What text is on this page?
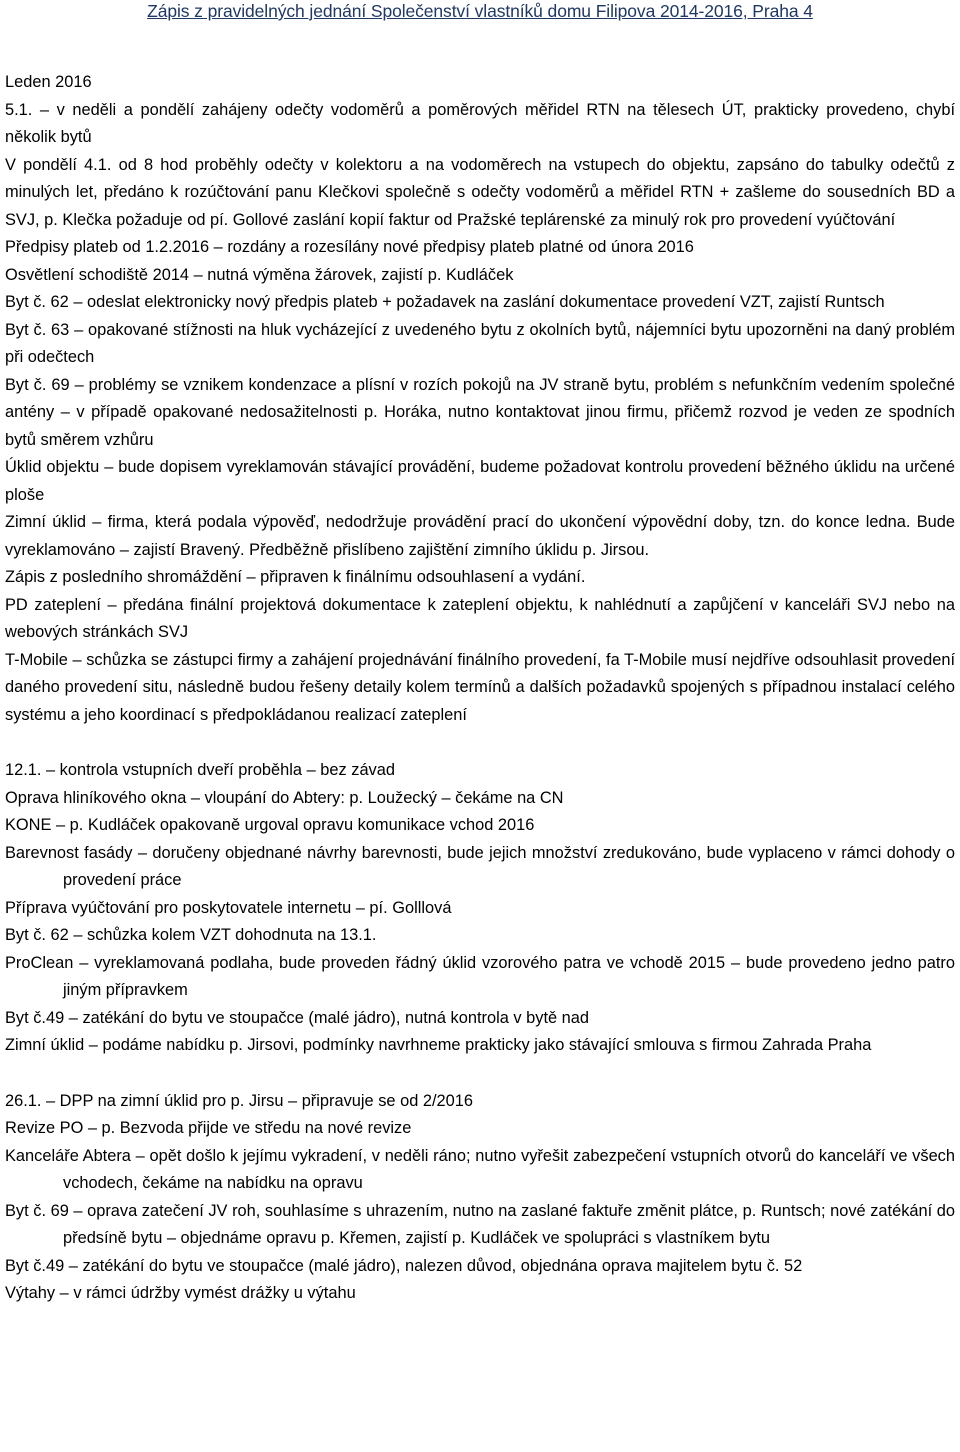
Zápis z pravidelných jednání Společenství vlastníků domu Filipova 2014-2016, Praha 4

Leden 2016

5.1. – v neděli a pondělí zahájeny odečty vodoměrů a poměrových měřidel RTN na tělesech ÚT, prakticky provedeno, chybí několik bytů

V pondělí 4.1. od 8 hod proběhly odečty v kolektoru a na vodoměrech na vstupech do objektu, zapsáno do tabulky odečtů z minulých let, předáno k rozúčtování panu Klečkovi společně s odečty vodoměrů a měřidel RTN + zašleme do sousedních BD a SVJ, p. Klečka požaduje od pí. Gollové zaslání kopií faktur od Pražské teplárenské za minulý rok pro provedení vyúčtování

Předpisy plateb od 1.2.2016 – rozdány a rozesílány nové předpisy plateb platné od února 2016

Osvětlení schodiště 2014 – nutná výměna žárovek, zajistí p. Kudláček

Byt č. 62 – odeslat elektronicky nový předpis plateb + požadavek na zaslání dokumentace provedení VZT, zajistí Runtsch

Byt č. 63 – opakované stížnosti na hluk vycházející z uvedeného bytu z okolních bytů, nájemníci bytu upozorněni na daný problém při odečtech

Byt č. 69 – problémy se vznikem kondenzace a plísní v rozích pokojů na JV straně bytu, problém s nefunkčním vedením společné antény – v případě opakované nedosažitelnosti p. Horáka, nutno kontaktovat jinou firmu, přičemž rozvod je veden ze spodních bytů směrem vzhůru

Úklid objektu – bude dopisem vyreklamován stávající provádění, budeme požadovat kontrolu provedení běžného úklidu na určené ploše

Zimní úklid – firma, která podala výpověď, nedodržuje provádění prací do ukončení výpovědní doby, tzn. do konce ledna. Bude vyreklamováno – zajistí Bravený. Předběžně přislíbeno zajištění zimního úklidu p. Jirsou.

Zápis z posledního shromáždění – připraven k finálnímu odsouhlasení a vydání.

PD zateplení – předána finální projektová dokumentace k zateplení objektu, k nahlédnutí a zapůjčení v kanceláři SVJ nebo na webových stránkách SVJ

T-Mobile – schůzka se zástupci firmy a zahájení projednávání finálního provedení, fa T-Mobile musí nejdříve odsouhlasit provedení daného provedení situ, následně budou řešeny detaily kolem termínů a dalších požadavků spojených s případnou instalací celého systému a jeho koordinací s předpokládanou realizací zateplení

12.1. – kontrola vstupních dveří proběhla – bez závad

Oprava hliníkového okna – vloupání do Abtery: p. Loužecký – čekáme na CN

KONE – p. Kudláček opakovaně urgoval opravu komunikace vchod 2016

Barevnost fasády – doručeny objednané návrhy barevnosti, bude jejich množství zredukováno, bude vyplaceno v rámci dohody o provedení práce

Příprava vyúčtování pro poskytovatele internetu – pí. Golllová

Byt č. 62 – schůzka kolem VZT dohodnuta na 13.1.

ProClean – vyreklamovaná podlaha, bude proveden řádný úklid vzorového patra ve vchodě 2015 – bude provedeno jedno patro jiným přípravkem

Byt č.49 – zatékání do bytu ve stoupačce (malé jádro), nutná kontrola v bytě nad

Zimní úklid – podáme nabídku p. Jirsovi, podmínky navrhneme prakticky jako stávající smlouva s firmou Zahrada Praha

26.1. – DPP na zimní úklid pro p. Jirsu – připravuje se od 2/2016

Revize PO – p. Bezvoda přijde ve středu na nové revize

Kanceláře Abtera – opět došlo k jejímu vykradení, v neděli ráno; nutno vyřešit zabezpečení vstupních otvorů do kanceláří ve všech vchodech, čekáme na nabídku na opravu

Byt č. 69 – oprava zatečení JV roh, souhlasíme s uhrazením, nutno na zaslané faktuře změnit plátce, p. Runtsch; nové zatékání do předsíně bytu – objednáme opravu p. Křemen, zajistí p. Kudláček ve spolupráci s vlastníkem bytu

Byt č.49 – zatékání do bytu ve stoupačce (malé jádro), nalezen důvod, objednána oprava majitelem bytu č. 52

Výtahy – v rámci údržby vymést drážky u výtahu
